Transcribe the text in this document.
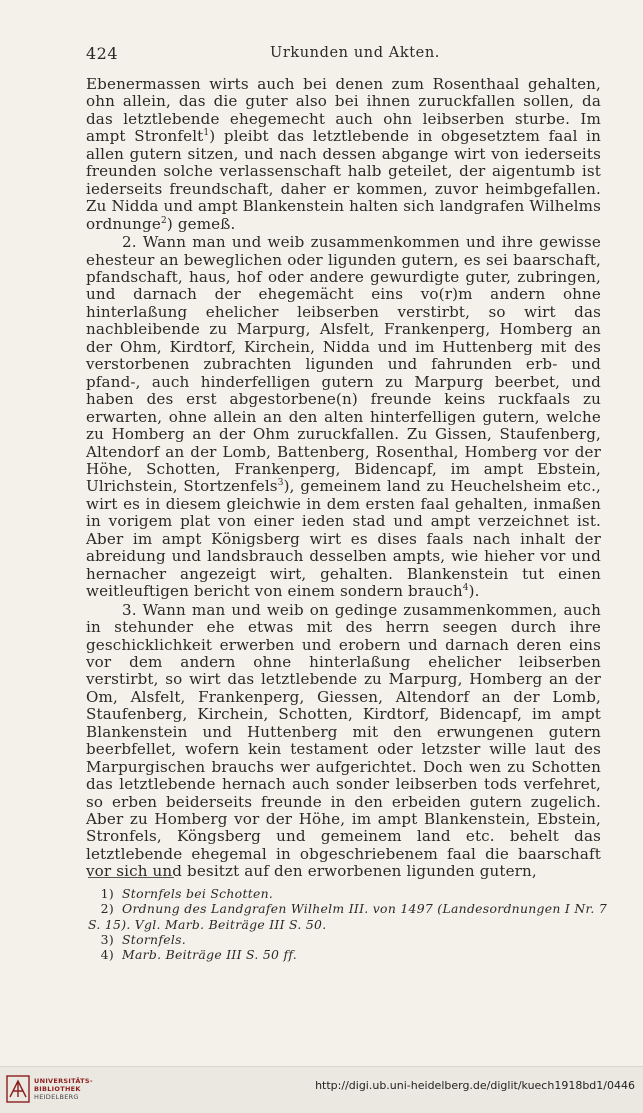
424	Urkunden und Akten.

Ebenermassen wirts auch bei denen zum Rosenthaal gehalten, ohn allein, das die guter also bei ihnen zuruckfallen sollen, da das letztlebende ehegemecht auch ohn leibserben sturbe. Im ampt Stronfelt$^1$) pleibt das letztlebende in obgesetztem faal in allen gutern sitzen, und nach dessen abgange wirt von iederseits freunden solche verlassenschaft halb geteilet, der aigentumb ist iederseits freundschaft, daher er kommen, zuvor heimbgefallen. Zu Nidda und ampt Blankenstein halten sich landgrafen Wilhelms ordnunge$^2$) gemeß.

2. Wann man und weib zusammenkommen und ihre gewisse ehesteur an beweglichen oder ligunden gutern, es sei baarschaft, pfandschaft, haus, hof oder andere gewurdigte guter, zubringen, und darnach der ehegemächt eins vo(r)m andern ohne hinterlaßung ehelicher leibserben verstirbt, so wirt das nachbleibende zu Marpurg, Alsfelt, Frankenperg, Homberg an der Ohm, Kirdtorf, Kirchein, Nidda und im Huttenberg mit des verstorbenen zubrachten ligunden und fahrunden erb- und pfand-, auch hinderfelligen gutern zu Marpurg beerbet, und haben des erst abgestorbene(n) freunde keins ruckfaals zu erwarten, ohne allein an den alten hinterfelligen gutern, welche zu Homberg an der Ohm zuruckfallen. Zu Gissen, Staufenberg, Altendorf an der Lomb, Battenberg, Rosenthal, Homberg vor der Höhe, Schotten, Frankenperg, Bidencapf, im ampt Ebstein, Ulrichstein, Stortzenfels$^3$), gemeinem land zu Heuchelsheim etc., wirt es in diesem gleichwie in dem ersten faal gehalten, inmaßen in vorigem plat von einer ieden stad und ampt verzeichnet ist. Aber im ampt Königsberg wirt es dises faals nach inhalt der abreidung und landsbrauch desselben ampts, wie hieher vor und hernacher angezeigt wirt, gehalten. Blankenstein tut einen weitleuftigen bericht von einem sondern brauch$^4$).

3. Wann man und weib on gedinge zusammenkommen, auch in stehunder ehe etwas mit des herrn seegen durch ihre geschicklichkeit erwerben und erobern und darnach deren eins vor dem andern ohne hinterlaßung ehelicher leibserben verstirbt, so wirt das letztlebende zu Marpurg, Homberg an der Om, Alsfelt, Frankenperg, Giessen, Altendorf an der Lomb, Staufenberg, Kirchein, Schotten, Kirdtorf, Bidencapf, im ampt Blankenstein und Huttenberg mit den erwungenen gutern beerbfellet, wofern kein testament oder letzster wille laut des Marpurgischen brauchs wer aufgerichtet. Doch wen zu Schotten das letztlebende hernach auch sonder leibserben tods verfehret, so erben beiderseits freunde in den erbeiden gutern zugelich. Aber zu Homberg vor der Höhe, im ampt Blankenstein, Ebstein, Stronfels, Köngsberg und gemeinem land etc. behelt das letztlebende ehegemal in obgeschriebenem faal die baarschaft vor sich und besitzt auf den erworbenen ligunden gutern,

1) Stornfels bei Schotten.

2) Ordnung des Landgrafen Wilhelm III. von 1497 (Landesordnungen I Nr. 7 S. 15). Vgl. Marb. Beiträge III S. 50.

3) Stornfels.

4) Marb. Beiträge III S. 50 ff.

UNIVERSITÄTS-
BIBLIOTHEK
HEIDELBERG
http://digi.ub.uni-heidelberg.de/diglit/kuech1918bd1/0446
